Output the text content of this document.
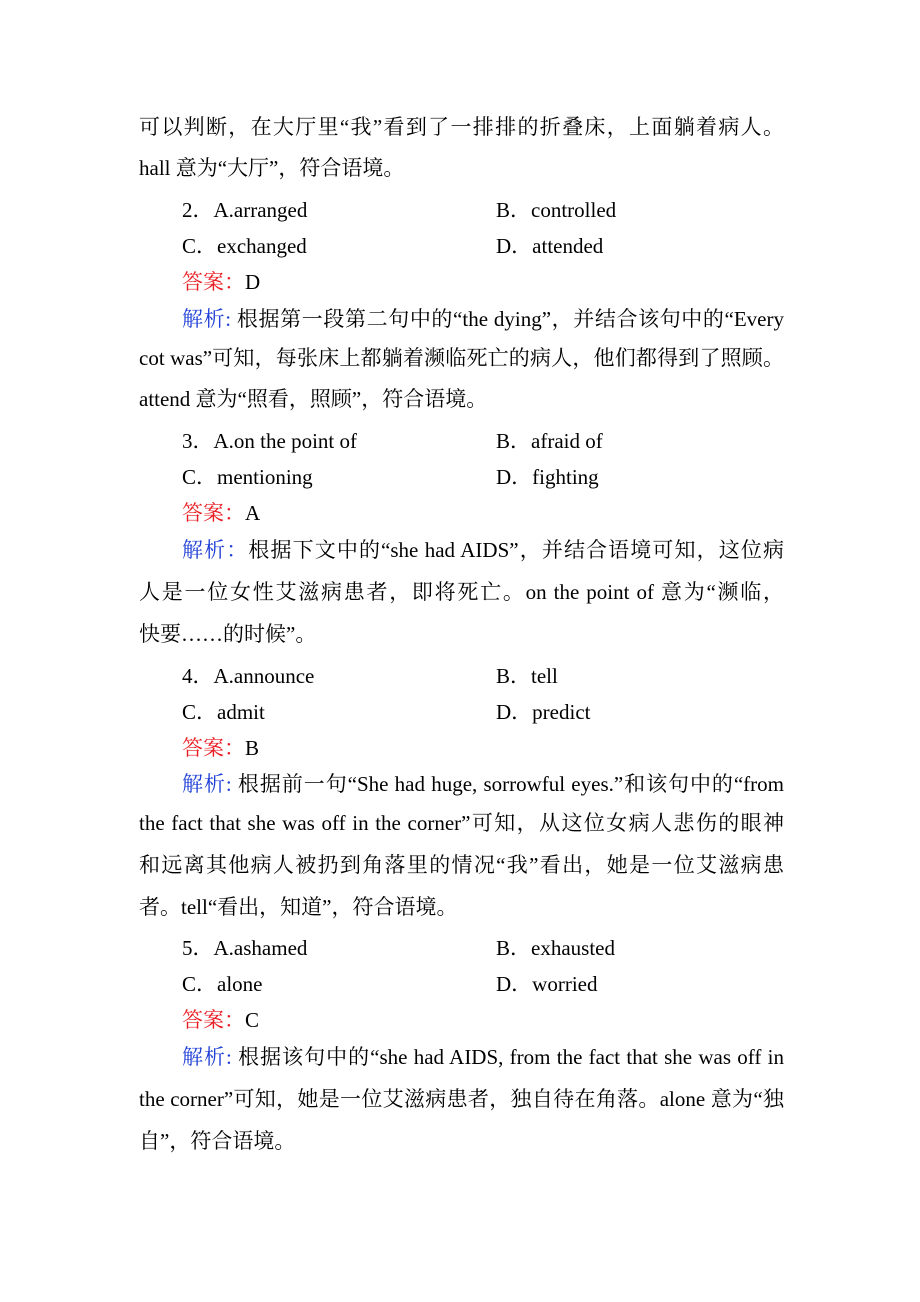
可以判断，在大厅里“我”看到了一排排的折叠床，上面躺着病人。
hall 意为“大厅”，符合语境。
2．A.arranged	B．controlled
C．exchanged	D．attended
答案：D
解析: 根据第一段第二句中的“the dying”，并结合该句中的“Every
cot was”可知，每张床上都躺着濒临死亡的病人，他们都得到了照顾。
attend 意为“照看，照顾”，符合语境。
3．A.on the point of	B．afraid of
C．mentioning	D．fighting
答案：A
解析：根据下文中的“she had AIDS”，并结合语境可知，这位病
人是一位女性艾滋病患者，即将死亡。on the point of 意为“濒临，
快要……的时候”。
4．A.announce	B．tell
C．admit	D．predict
答案：B
解析: 根据前一句“She had huge, sorrowful eyes.”和该句中的“from
the fact that she was off in the corner”可知，从这位女病人悲伤的眼神
和远离其他病人被扔到角落里的情况“我”看出，她是一位艾滋病患
者。tell“看出，知道”，符合语境。
5．A.ashamed	B．exhausted
C．alone	D．worried
答案：C
解析: 根据该句中的“she had AIDS, from the fact that she was off in
the corner”可知，她是一位艾滋病患者，独自待在角落。alone 意为“独
自”，符合语境。
